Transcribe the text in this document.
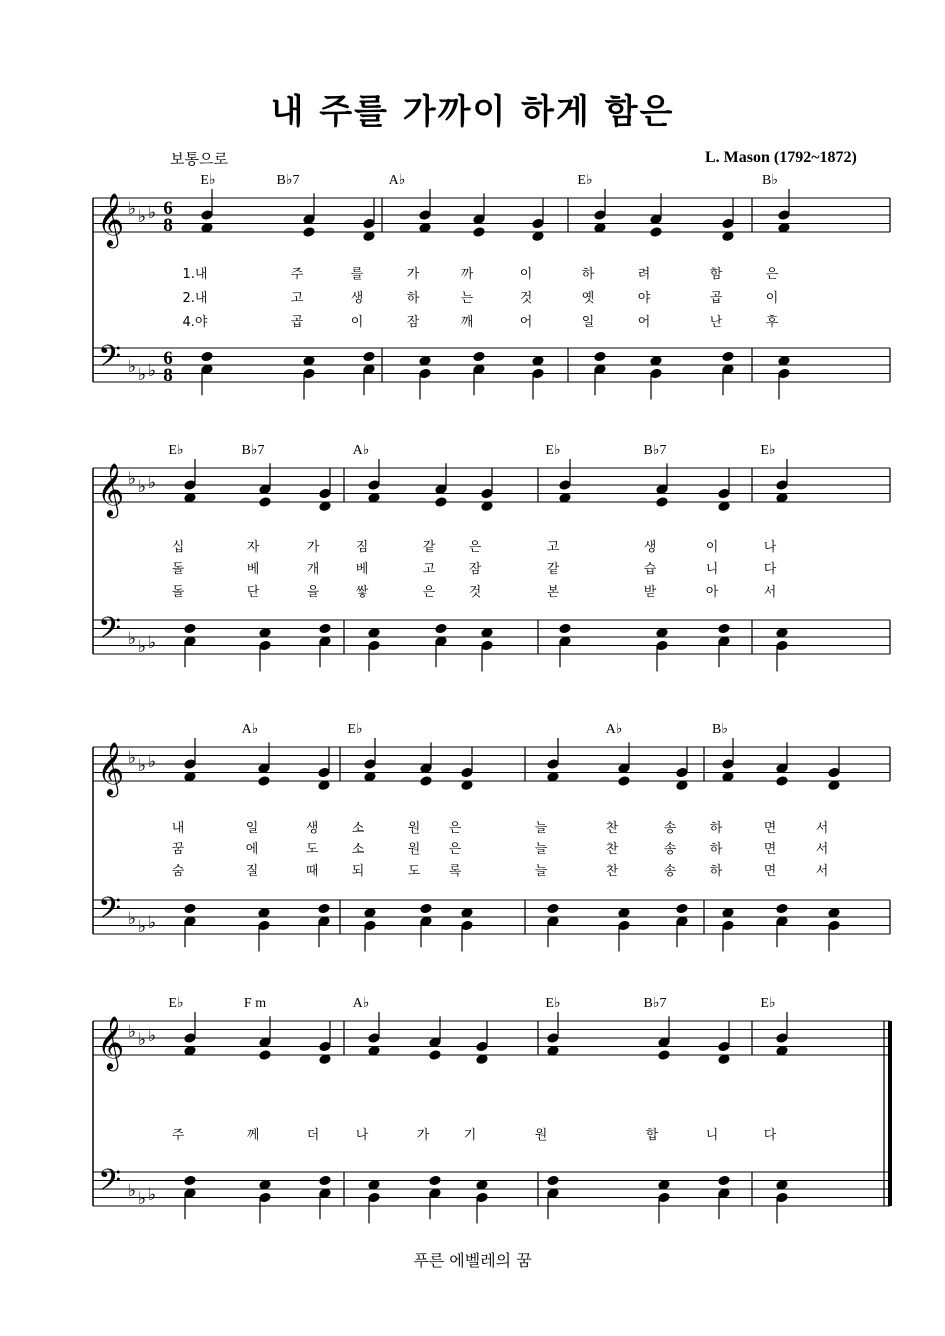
내 주를 가까이 하게 함은
보통으로	L. Mason (1792~1872)
푸른 에벨레의 꿈
♭
♭
♭
♭
♭
♭
6
6
8
8
E♭	B♭7	A♭	E♭	B♭
1.내	주	를	가	까	이	하	려	함	은
2.내	고	생	하	는	것	옛	야	곱	이
4.야	곱	이	잠	깨	어	일	어	난	후
𝄞
𝄢
♭
♭
♭
♭
♭
♭
E♭	B♭7	A♭	E♭	B♭7	E♭
십	자	가	짐	같	은	고	생	이	나
돌	베	개	베	고	잠	같	습	니	다
돌	단	을	쌓	은	것	본	받	아	서
𝄞
𝄢
♭
♭
♭
♭
♭
♭
A♭	E♭	A♭	B♭
내	일	생	소	원 은	늘	찬	송	하	면	서
꿈	에	도	소	원 은	늘	찬	송	하	면	서
숨	질	때	되	도 록	늘	찬	송	하	면	서
𝄞
𝄢
♭
♭
♭
♭
♭
♭
E♭	F m	A♭	E♭	B♭7	E♭
주	께	더	나	가	기	원	합	니	다
𝄞
𝄢
